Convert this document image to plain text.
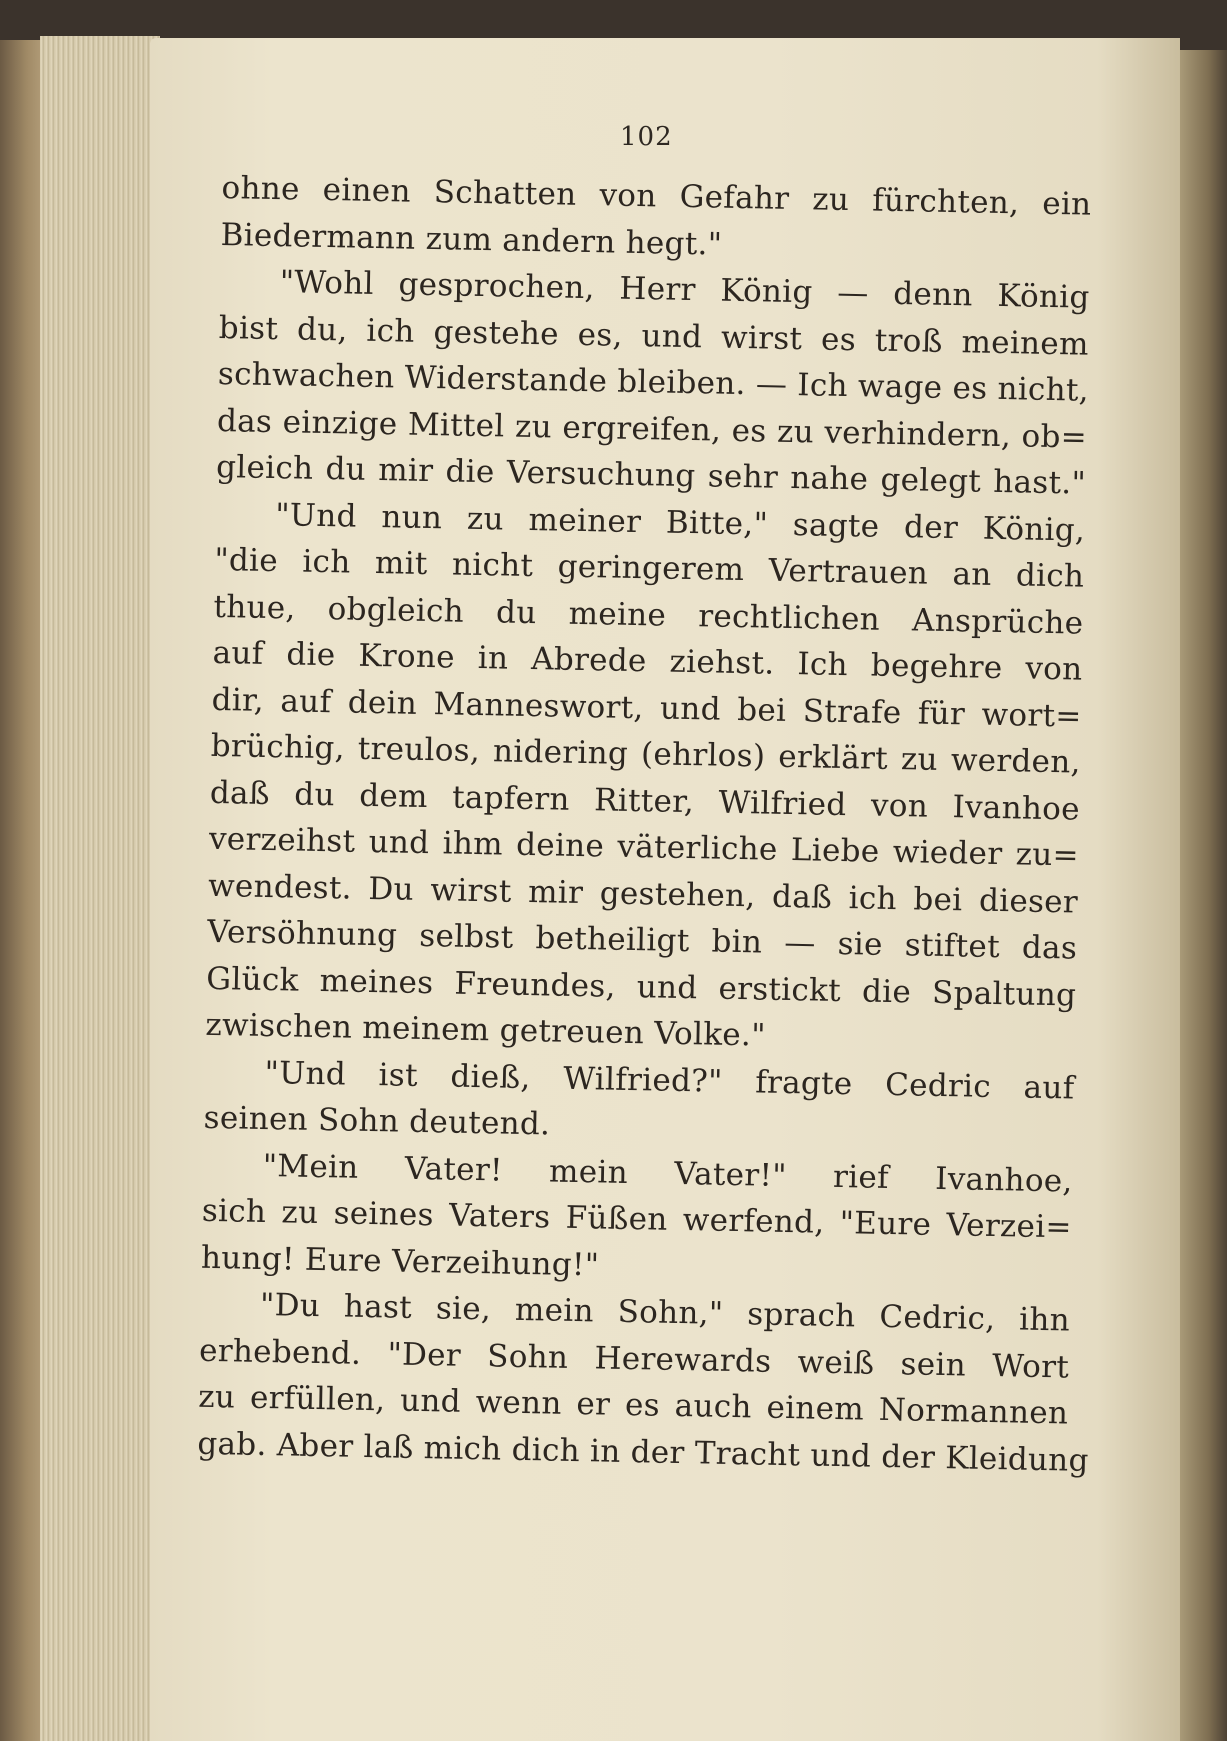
102
ohne einen Schatten von Gefahr zu fürchten, ein
Biedermann zum andern hegt."
"Wohl gesprochen, Herr König — denn König
bist du, ich gestehe es, und wirst es troß meinem
schwachen Widerstande bleiben. — Ich wage es nicht,
das einzige Mittel zu ergreifen, es zu verhindern, ob=
gleich du mir die Versuchung sehr nahe gelegt hast."
"Und nun zu meiner Bitte," sagte der König,
"die ich mit nicht geringerem Vertrauen an dich
thue, obgleich du meine rechtlichen Ansprüche
auf die Krone in Abrede ziehst. Ich begehre von
dir, auf dein Manneswort, und bei Strafe für wort=
brüchig, treulos, nidering (ehrlos) erklärt zu werden,
daß du dem tapfern Ritter, Wilfried von Ivanhoe
verzeihst und ihm deine väterliche Liebe wieder zu=
wendest. Du wirst mir gestehen, daß ich bei dieser
Versöhnung selbst betheiligt bin — sie stiftet das
Glück meines Freundes, und erstickt die Spaltung
zwischen meinem getreuen Volke."
"Und ist dieß, Wilfried?" fragte Cedric auf
seinen Sohn deutend.
"Mein Vater! mein Vater!" rief Ivanhoe,
sich zu seines Vaters Füßen werfend, "Eure Verzei=
hung! Eure Verzeihung!"
"Du hast sie, mein Sohn," sprach Cedric, ihn
erhebend. "Der Sohn Herewards weiß sein Wort
zu erfüllen, und wenn er es auch einem Normannen
gab. Aber laß mich dich in der Tracht und der Kleidung
